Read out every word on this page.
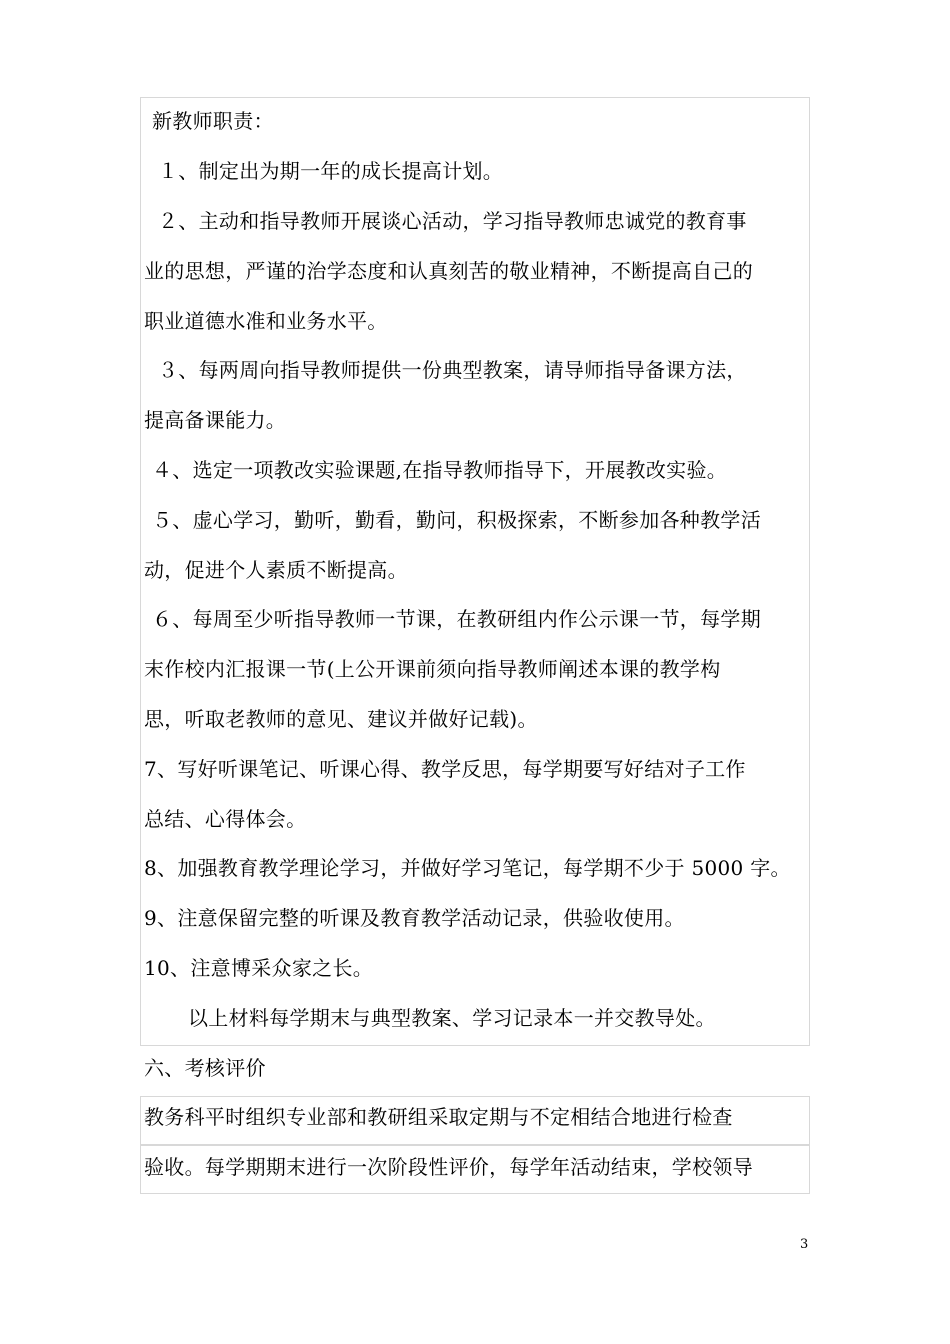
新教师职责：
１、制定出为期一年的成长提高计划。
２、主动和指导教师开展谈心活动，学习指导教师忠诚党的教育事
业的思想，严谨的治学态度和认真刻苦的敬业精神，不断提高自己的
职业道德水准和业务水平。
３、每两周向指导教师提供一份典型教案，请导师指导备课方法，
提高备课能力。
４、选定一项教改实验课题,在指导教师指导下，开展教改实验。
５、虚心学习，勤听，勤看，勤问，积极探索，不断参加各种教学活
动，促进个人素质不断提高。
６、每周至少听指导教师一节课，在教研组内作公示课一节，每学期
末作校内汇报课一节(上公开课前须向指导教师阐述本课的教学构
思，听取老教师的意见、建议并做好记载)。
7、写好听课笔记、听课心得、教学反思，每学期要写好结对子工作
总结、心得体会。
8、加强教育教学理论学习，并做好学习笔记，每学期不少于 5000 字。
9、注意保留完整的听课及教育教学活动记录，供验收使用。
10、注意博采众家之长。
以上材料每学期末与典型教案、学习记录本一并交教导处。
六、考核评价
教务科平时组织专业部和教研组采取定期与不定相结合地进行检查
验收。每学期期末进行一次阶段性评价，每学年活动结束，学校领导
3
